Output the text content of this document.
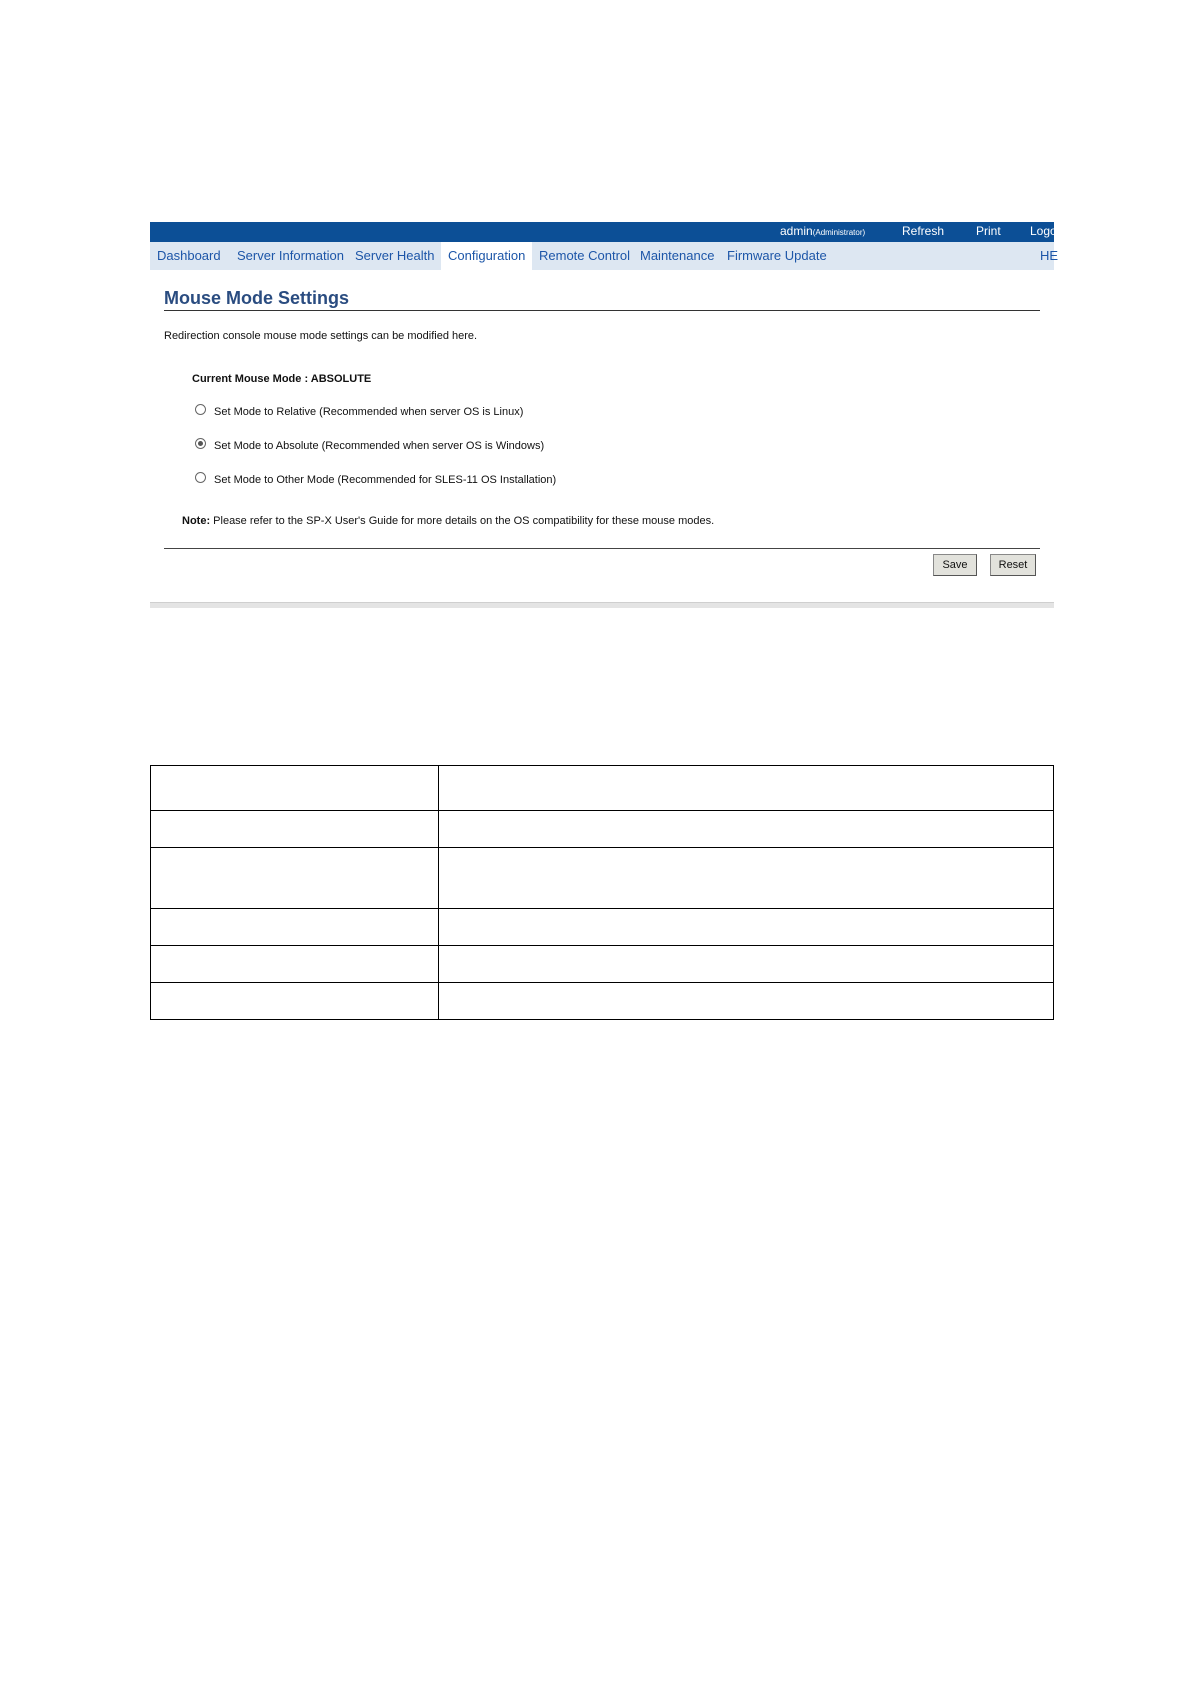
admin(Administrator)	Refresh	Print Logo
Dashboard	Server Information Server Health	Configuration	Remote Control Maintenance Firmware Update	HE
Mouse Mode Settings
Redirection console mouse mode settings can be modified here.
Current Mouse Mode : ABSOLUTE
Set Mode to Relative (Recommended when server OS is Linux)
Set Mode to Absolute (Recommended when server OS is Windows)
Set Mode to Other Mode (Recommended for SLES-11 OS Installation)
Note: Please refer to the SP-X User's Guide for more details on the OS compatibility for these mouse modes.
Save	Reset
